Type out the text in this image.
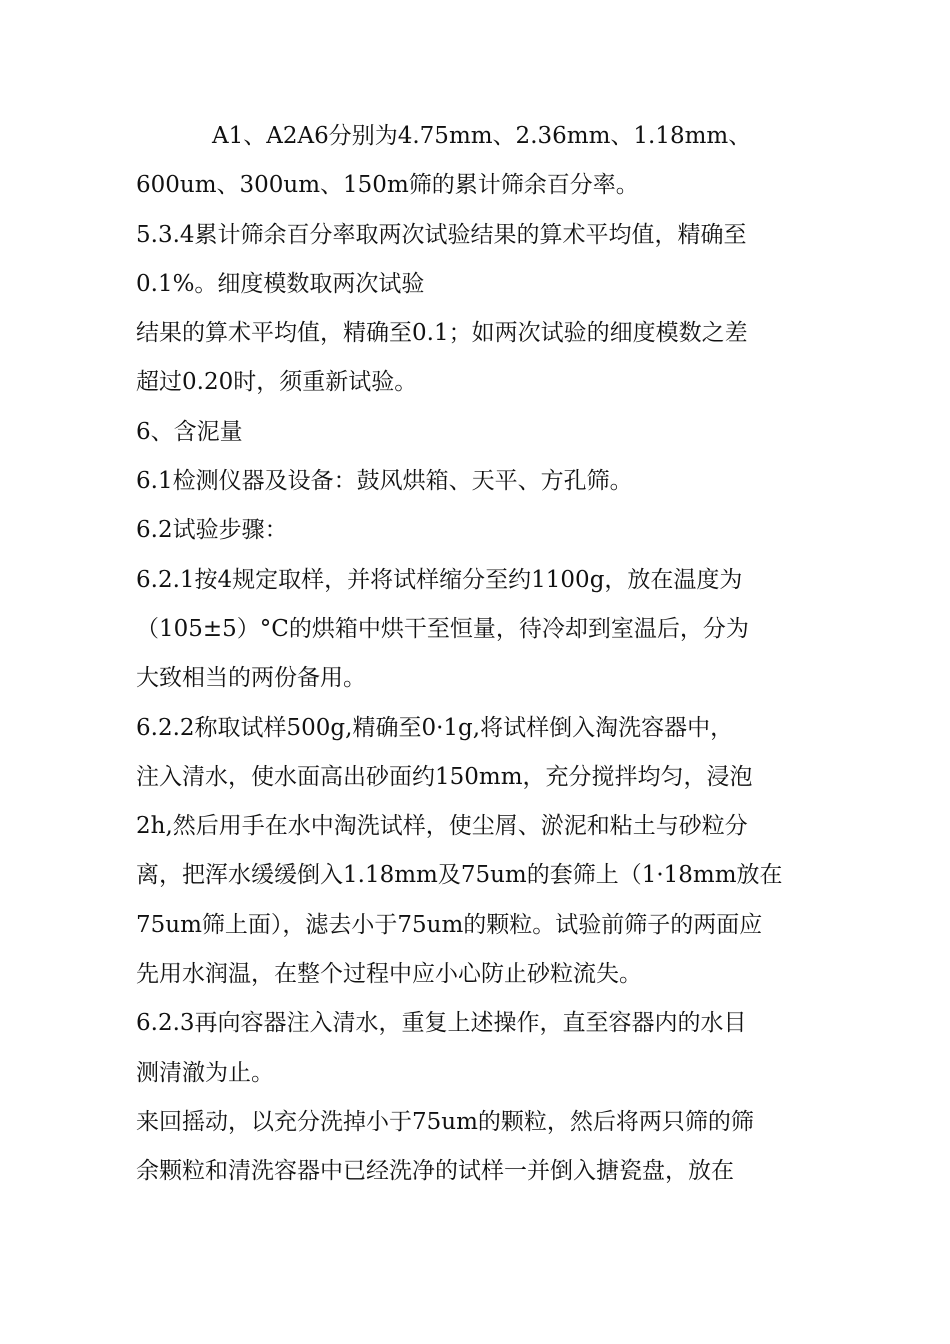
A1、A2A6分别为4.75mm、2.36mm、1.18mm、
600um、300um、150m筛的累计筛余百分率。
5.3.4累计筛余百分率取两次试验结果的算术平均值，精确至
0.1%。细度模数取两次试验
结果的算术平均值，精确至0.1；如两次试验的细度模数之差
超过0.20时，须重新试验。
6、含泥量
6.1检测仪器及设备：鼓风烘箱、天平、方孔筛。
6.2试验步骤：
6.2.1按4规定取样，并将试样缩分至约1100g，放在温度为
（105±5）°C的烘箱中烘干至恒量，待冷却到室温后，分为
大致相当的两份备用。
6.2.2称取试样500g,精确至0·1g,将试样倒入淘洗容器中，
注入清水，使水面高出砂面约150mm，充分搅拌均匀，浸泡
2h,然后用手在水中淘洗试样，使尘屑、淤泥和粘土与砂粒分
离，把浑水缓缓倒入1.18mm及75um的套筛上（1·18mm放在
75um筛上面），滤去小于75um的颗粒。试验前筛子的两面应
先用水润温，在整个过程中应小心防止砂粒流失。
6.2.3再向容器注入清水，重复上述操作，直至容器内的水目
测清澈为止。
来回摇动，以充分洗掉小于75um的颗粒，然后将两只筛的筛
余颗粒和清洗容器中已经洗净的试样一并倒入搪瓷盘，放在
